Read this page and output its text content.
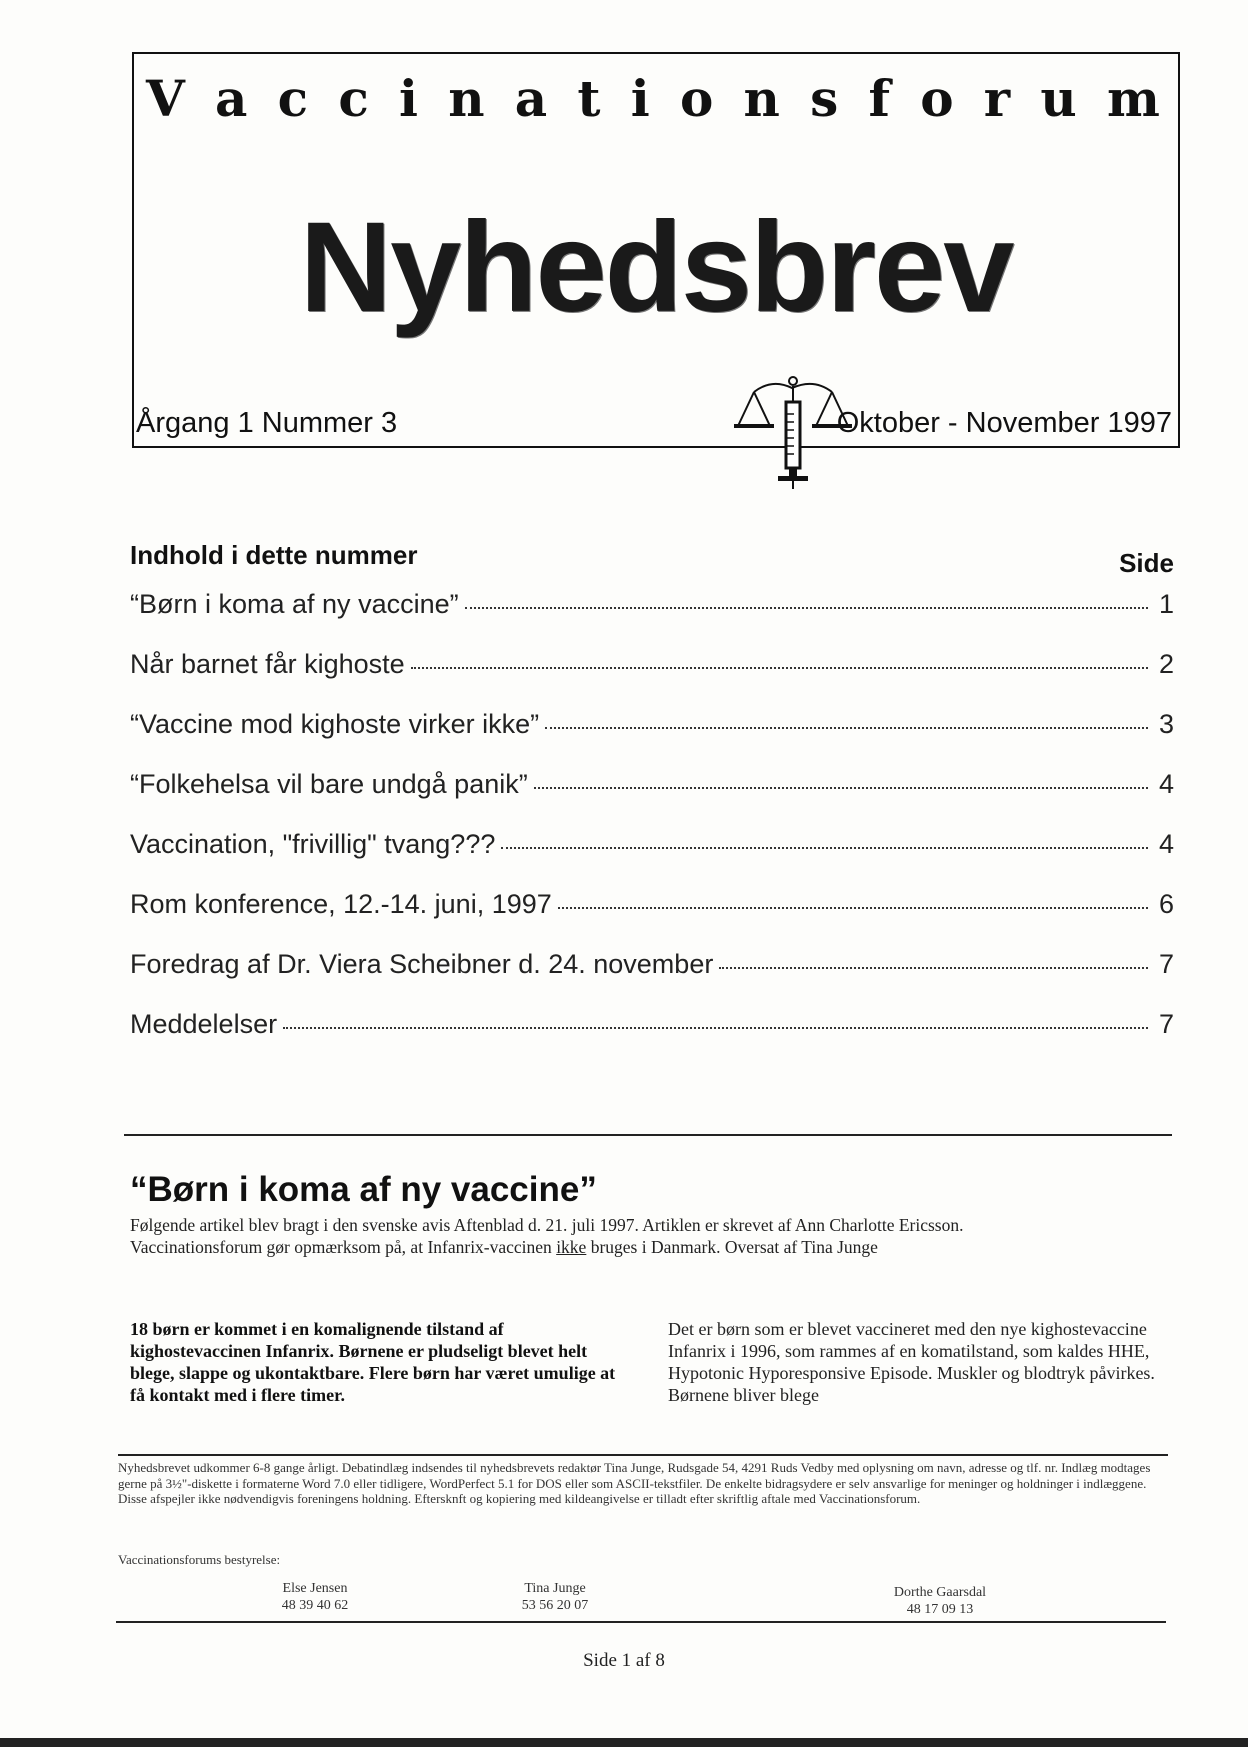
V a c c i n a t i o n s f o r u m
Nyhedsbrev
Årgang 1 Nummer 3	Oktober - November 1997
Indhold i dette nummer	Side
“Børn i koma af ny vaccine”	1
Når barnet får kighoste	2
“Vaccine mod kighoste virker ikke”	3
“Folkehelsa vil bare undgå panik”	4
Vaccination, "frivillig" tvang???	4
Rom konference, 12.-14. juni, 1997	6
Foredrag af Dr. Viera Scheibner d. 24. november	7
Meddelelser	7
“Børn i koma af ny vaccine”
Følgende artikel blev bragt i den svenske avis Aftenblad d. 21. juli 1997. Artiklen er skrevet af Ann Charlotte Ericsson.
Vaccinationsforum gør opmærksom på, at Infanrix-vaccinen ikke bruges i Danmark. Oversat af Tina Junge
18 børn er kommet i en komalignende tilstand af kighostevaccinen Infanrix. Børnene er pludseligt blevet helt blege, slappe og ukontaktbare. Flere børn har været umulige at få kontakt med i flere timer.
Det er børn som er blevet vaccineret med den nye kighostevaccine Infanrix i 1996, som rammes af en komatilstand, som kaldes HHE, Hypotonic Hyporesponsive Episode. Muskler og blodtryk påvirkes. Børnene bliver blege
Nyhedsbrevet udkommer 6-8 gange årligt. Debatindlæg indsendes til nyhedsbrevets redaktør Tina Junge, Rudsgade 54, 4291 Ruds Vedby med oplysning om navn, adresse og tlf. nr. Indlæg modtages gerne på 3½"-diskette i formaterne Word 7.0 eller tidligere, WordPerfect 5.1 for DOS eller som ASCII-tekstfiler. De enkelte bidragsydere er selv ansvarlige for meninger og holdninger i indlæggene. Disse afspejler ikke nødvendigvis foreningens holdning. Eftersknft og kopiering med kildeangivelse er tilladt efter skriftlig aftale med Vaccinationsforum.
Vaccinationsforums bestyrelse:
Else Jensen
48 39 40 62
Tina Junge
53 56 20 07
Dorthe Gaarsdal
48 17 09 13
Side 1 af 8
